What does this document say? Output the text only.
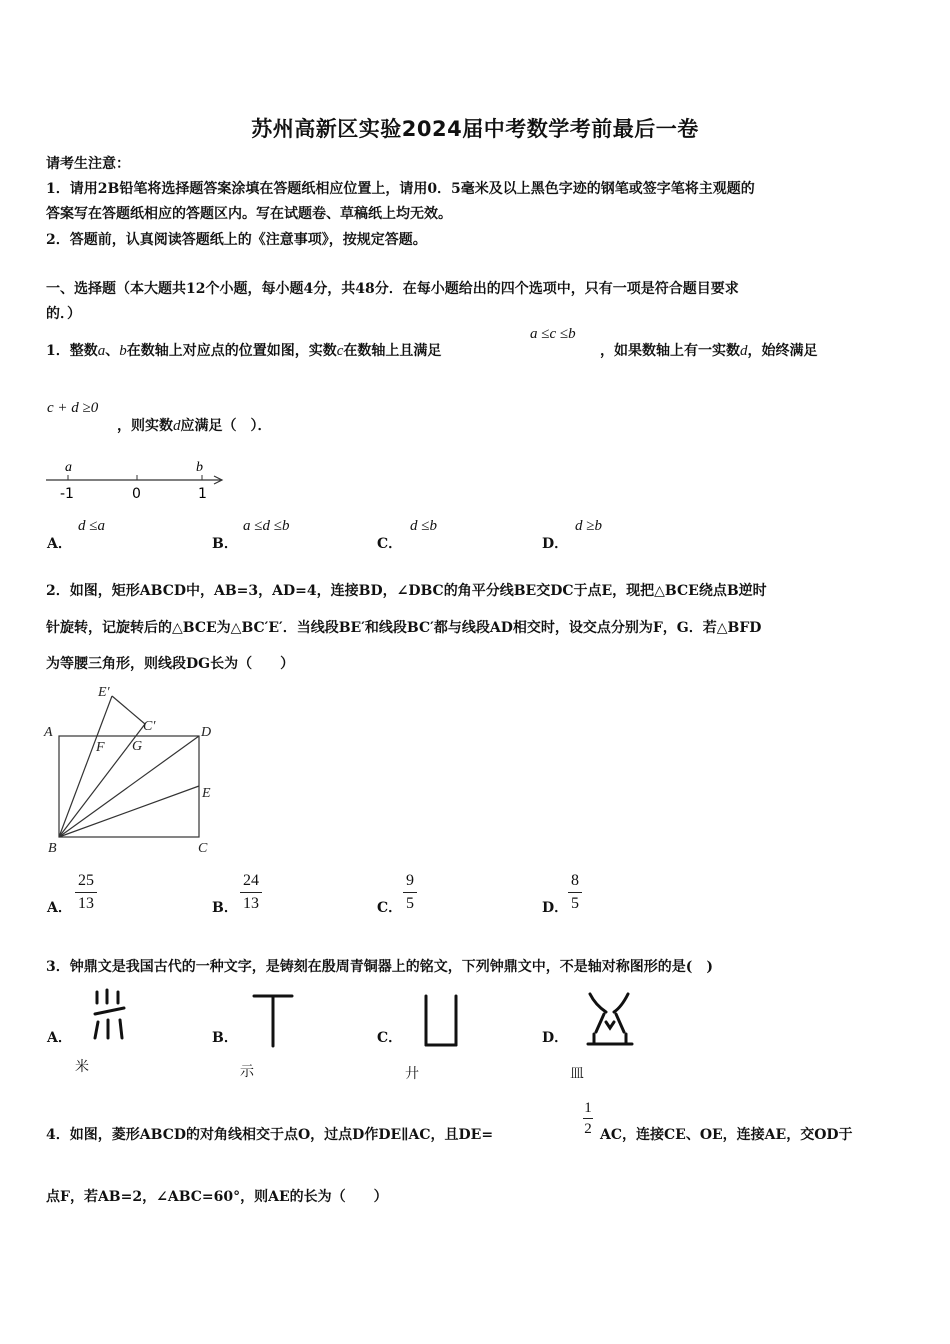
苏州高新区实验2024届中考数学考前最后一卷
请考生注意：
1．请用2B铅笔将选择题答案涂填在答题纸相应位置上，请用0．5毫米及以上黑色字迹的钢笔或签字笔将主观题的
答案写在答题纸相应的答题区内。写在试题卷、草稿纸上均无效。
2．答题前，认真阅读答题纸上的《注意事项》，按规定答题。
一、选择题（本大题共12个小题，每小题4分，共48分．在每小题给出的四个选项中，只有一项是符合题目要求
的．）
1．整数a、b在数轴上对应点的位置如图，实数c在数轴上且满足
a ≤c ≤b
，如果数轴上有一实数d，始终满足
c + d ≥0
，则实数d应满足（　）．
a	b
-1	0	1
A．
d ≤a
B．
a ≤d ≤b
C．
d ≤b
D．
d ≥b
2．如图，矩形ABCD中，AB=3，AD=4，连接BD，∠DBC的角平分线BE交DC于点E，现把△BCE绕点B逆时
针旋转，记旋转后的△BCE为△BC′E′．当线段BE′和线段BC′都与线段AD相交时，设交点分别为F，G．若△BFD
为等腰三角形，则线段DG长为（　　）
A
B	C
D
E
E′
C′
F G
A．
25
13	B．
24
13	C．
9
5	D．
8
5
3．钟鼎文是我国古代的一种文字，是铸刻在殷周青铜器上的铭文，下列钟鼎文中，不是轴对称图形的是(　)
A．
米
B．
示
C．
廾
D．
皿
4．如图，菱形ABCD的对角线相交于点O，过点D作DE∥AC，且DE=
1
2 AC，连接CE、OE，连接AE，交OD于
点F，若AB=2，∠ABC=60°，则AE的长为（　　）
